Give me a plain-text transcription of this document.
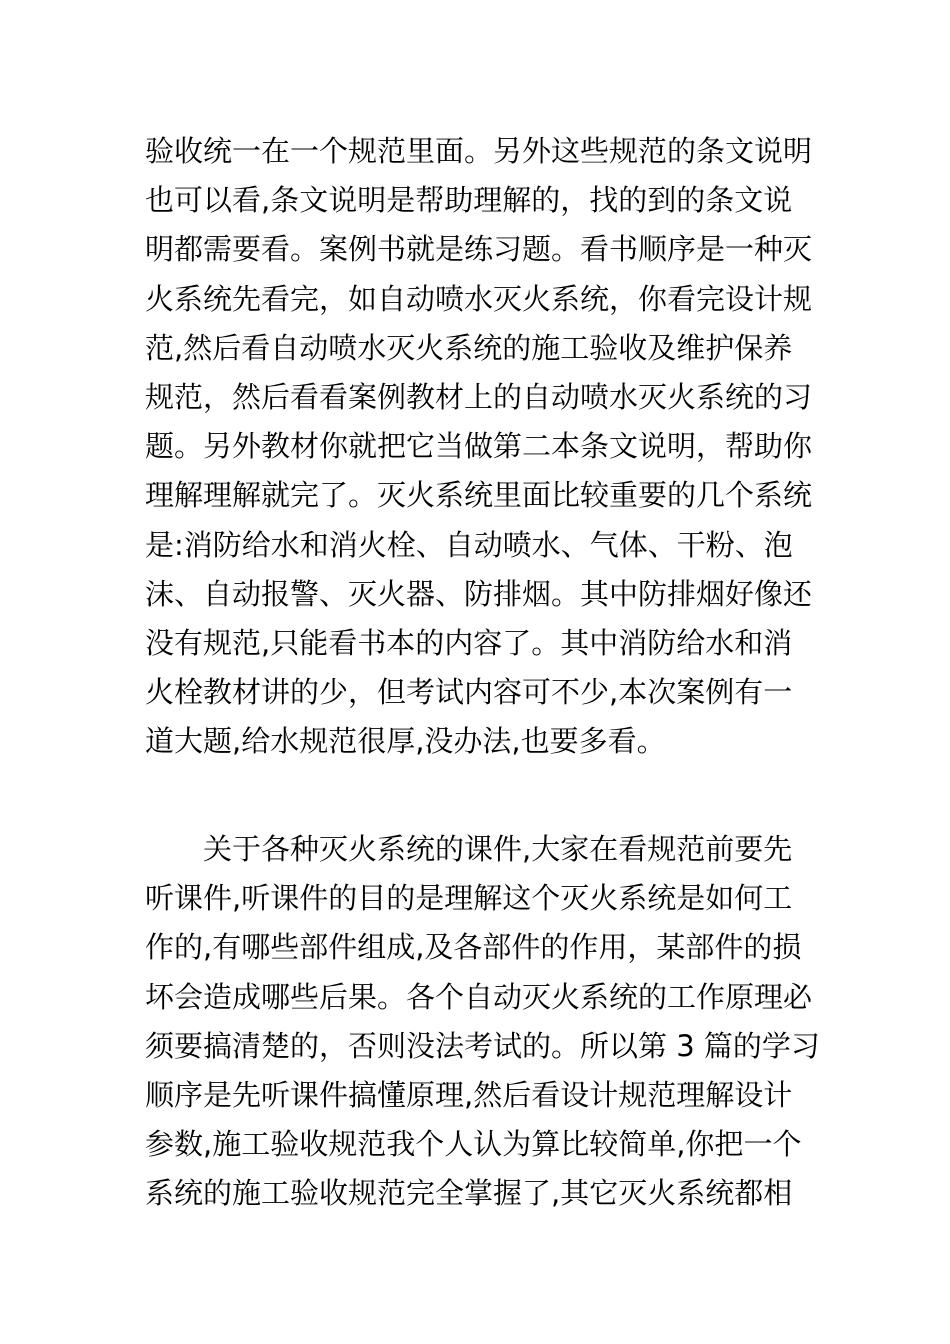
验收统一在一个规范里面。另外这些规范的条文说明
也可以看,条文说明是帮助理解的，找的到的条文说
明都需要看。案例书就是练习题。看书顺序是一种灭
火系统先看完，如自动喷水灭火系统，你看完设计规
范,然后看自动喷水灭火系统的施工验收及维护保养
规范，然后看看案例教材上的自动喷水灭火系统的习
题。另外教材你就把它当做第二本条文说明，帮助你
理解理解就完了。灭火系统里面比较重要的几个系统
是:消防给水和消火栓、自动喷水、气体、干粉、泡
沫、自动报警、灭火器、防排烟。其中防排烟好像还
没有规范,只能看书本的内容了。其中消防给水和消
火栓教材讲的少，但考试内容可不少,本次案例有一
道大题,给水规范很厚,没办法,也要多看。
关于各种灭火系统的课件,大家在看规范前要先
听课件,听课件的目的是理解这个灭火系统是如何工
作的,有哪些部件组成,及各部件的作用，某部件的损
坏会造成哪些后果。各个自动灭火系统的工作原理必
须要搞清楚的，否则没法考试的。所以第 3 篇的学习
顺序是先听课件搞懂原理,然后看设计规范理解设计
参数,施工验收规范我个人认为算比较简单,你把一个
系统的施工验收规范完全掌握了,其它灭火系统都相
